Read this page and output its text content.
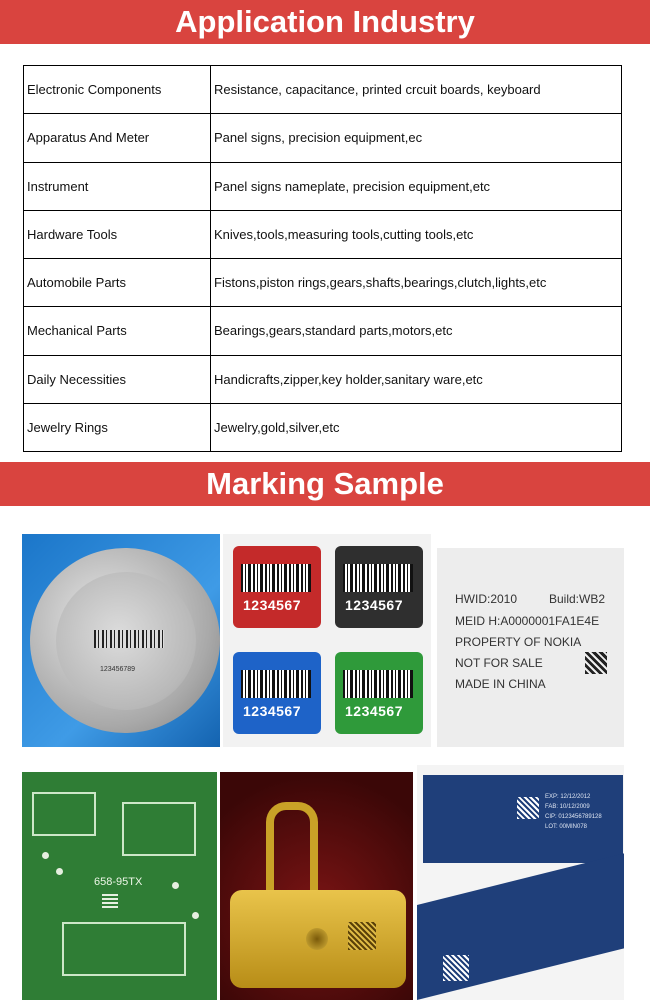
Application Industry
Electronic Components	Resistance, capacitance, printed crcuit boards, keyboard
Apparatus And Meter	Panel signs, precision equipment,ec
Instrument	Panel signs nameplate, precision equipment,etc
Hardware Tools	Knives,tools,measuring tools,cutting tools,etc
Automobile Parts	Fistons,piston rings,gears,shafts,bearings,clutch,lights,etc
Mechanical Parts	Bearings,gears,standard parts,motors,etc
Daily Necessities	Handicrafts,zipper,key holder,sanitary ware,etc
Jewelry Rings	Jewelry,gold,silver,etc
Marking Sample
123456789
1234567	1234567
1234567	1234567
HWID:2010	Build:WB2
MEID H:A0000001FA1E4E
PROPERTY OF NOKIA
NOT FOR SALE
MADE IN CHINA
658-95TX
EXP: 12/12/2012
FAB: 10/12/2009
CIP: 0123456789128
LOT: 00MIN078
